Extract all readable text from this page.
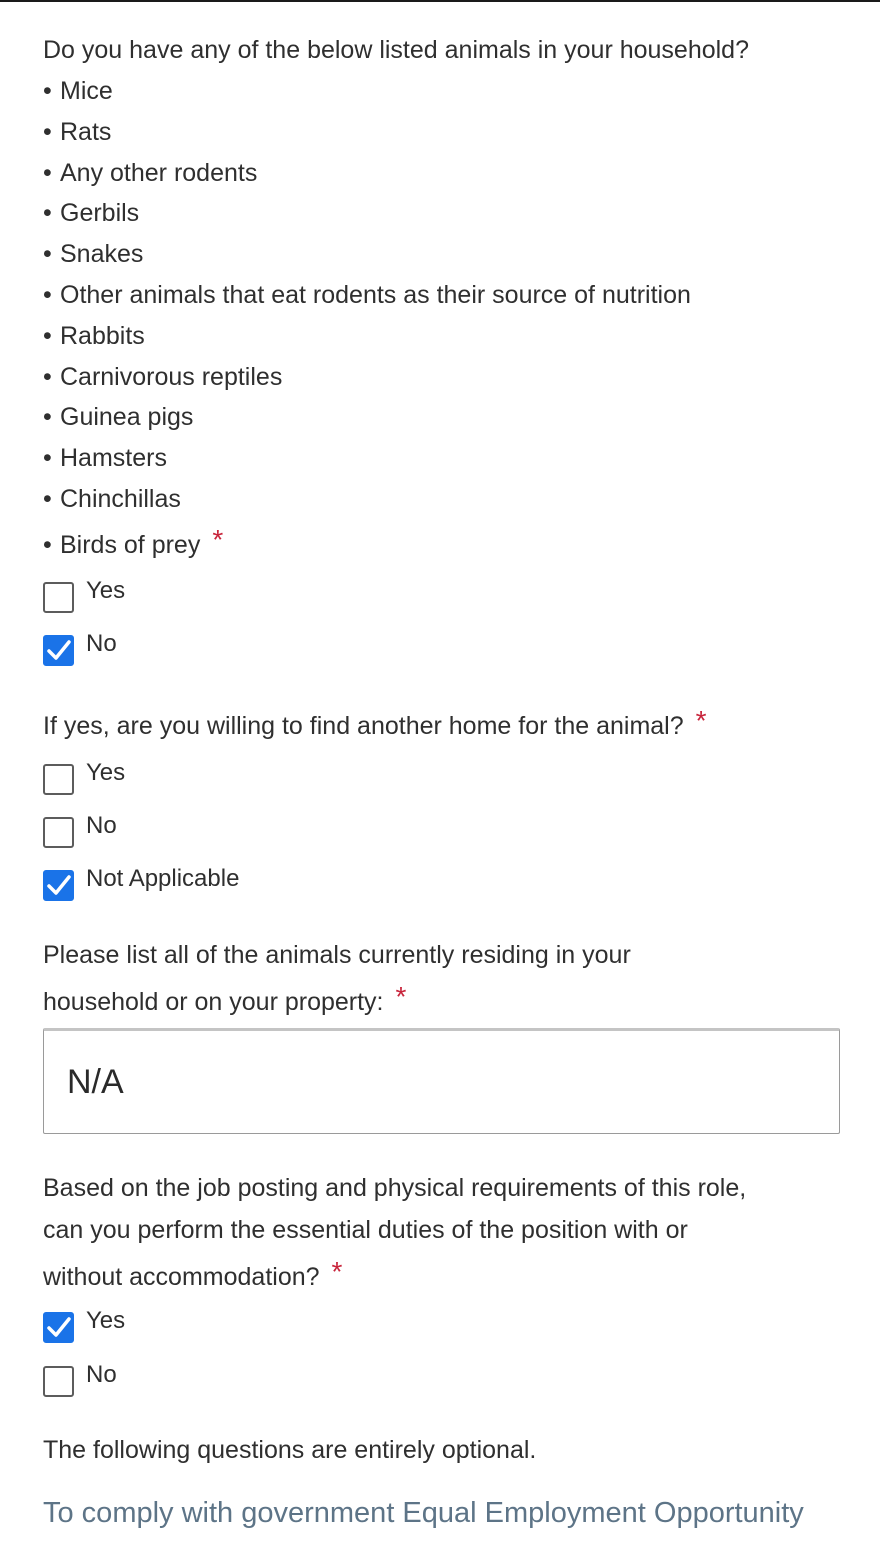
Do you have any of the below listed animals in your household?
• Mice
• Rats
• Any other rodents
• Gerbils
• Snakes
• Other animals that eat rodents as their source of nutrition
• Rabbits
• Carnivorous reptiles
• Guinea pigs
• Hamsters
• Chinchillas
• Birds of prey *
Yes
No
If yes, are you willing to find another home for the animal? *
Yes
No
Not Applicable
Please list all of the animals currently residing in your
household or on your property: *
N/A
Based on the job posting and physical requirements of this role,
can you perform the essential duties of the position with or
without accommodation? *
Yes
No
The following questions are entirely optional.
To comply with government Equal Employment Opportunity
